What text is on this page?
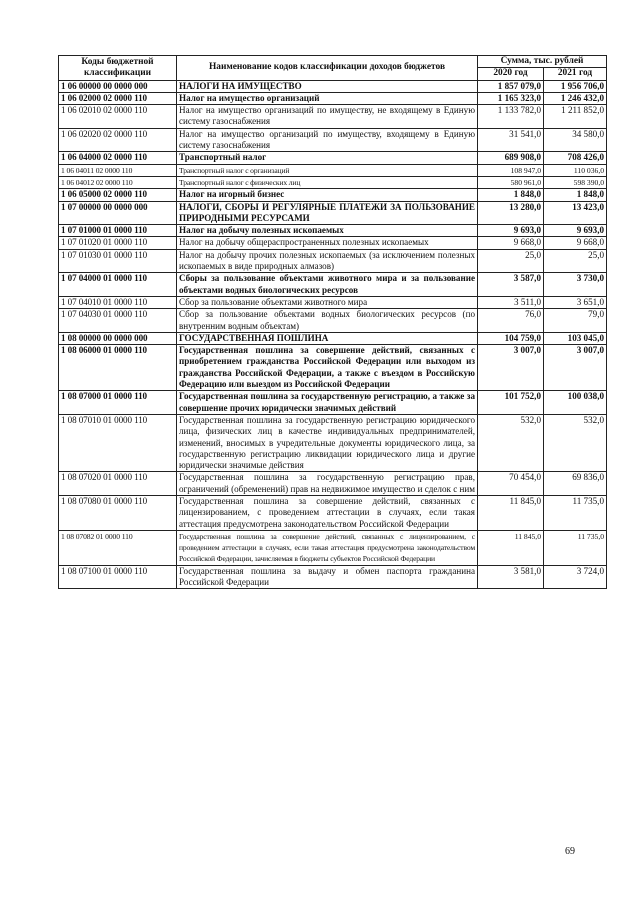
Коды бюджетной классификации	Наименование кодов классификации доходов бюджетов	Сумма, тыс. рублей	
		2020 год	2021 год
1 06 00000 00 0000 000	НАЛОГИ НА ИМУЩЕСТВО	1 857 079,0	1 956 706,0
1 06 02000 02 0000 110	Налог на имущество организаций	1 165 323,0	1 246 432,0
1 06 02010 02 0000 110	Налог на имущество организаций по имуществу, не входящему в Единую систему газоснабжения	1 133 782,0	1 211 852,0
1 06 02020 02 0000 110	Налог на имущество организаций по имуществу, входящему в Единую систему газоснабжения	31 541,0	34 580,0
1 06 04000 02 0000 110	Транспортный налог	689 908,0	708 426,0
1 06 04011 02 0000 110	Транспортный налог с организаций	108 947,0	110 036,0
1 06 04012 02 0000 110	Транспортный налог с физических лиц	580 961,0	598 390,0
1 06 05000 02 0000 110	Налог на игорный бизнес	1 848,0	1 848,0
1 07 00000 00 0000 000	НАЛОГИ, СБОРЫ И РЕГУЛЯРНЫЕ ПЛАТЕЖИ ЗА ПОЛЬЗОВАНИЕ ПРИРОДНЫМИ РЕСУРСАМИ	13 280,0	13 423,0
1 07 01000 01 0000 110	Налог на добычу полезных ископаемых	9 693,0	9 693,0
1 07 01020 01 0000 110	Налог на добычу общераспространенных полезных ископаемых	9 668,0	9 668,0
1 07 01030 01 0000 110	Налог на добычу прочих полезных ископаемых (за исключением полезных ископаемых в виде природных алмазов)	25,0	25,0
1 07 04000 01 0000 110	Сборы за пользование объектами животного мира и за пользование объектами водных биологических ресурсов	3 587,0	3 730,0
1 07 04010 01 0000 110	Сбор за пользование объектами животного мира	3 511,0	3 651,0
1 07 04030 01 0000 110	Сбор за пользование объектами водных биологических ресурсов (по внутренним водным объектам)	76,0	79,0
1 08 00000 00 0000 000	ГОСУДАРСТВЕННАЯ ПОШЛИНА	104 759,0	103 045,0
1 08 06000 01 0000 110	Государственная пошлина за совершение действий, связанных с приобретением гражданства Российской Федерации или выходом из гражданства Российской Федерации, а также с въездом в Российскую Федерацию или выездом из Российской Федерации	3 007,0	3 007,0
1 08 07000 01 0000 110	Государственная пошлина за государственную регистрацию, а также за совершение прочих юридически значимых действий	101 752,0	100 038,0
1 08 07010 01 0000 110	Государственная пошлина за государственную регистрацию юридического лица, физических лиц в качестве индивидуальных предпринимателей, изменений, вносимых в учредительные документы юридического лица, за государственную регистрацию ликвидации юридического лица и другие юридически значимые действия	532,0	532,0
1 08 07020 01 0000 110	Государственная пошлина за государственную регистрацию прав, ограничений (обременений) прав на недвижимое имущество и сделок с ним	70 454,0	69 836,0
1 08 07080 01 0000 110	Государственная пошлина за совершение действий, связанных с лицензированием, с проведением аттестации в случаях, если такая аттестация предусмотрена законодательством Российской Федерации	11 845,0	11 735,0
1 08 07082 01 0000 110	Государственная пошлина за совершение действий, связанных с лицензированием, с проведением аттестации в случаях, если такая аттестация предусмотрена законодательством Российской Федерации, зачисляемая в бюджеты субъектов Российской Федерации	11 845,0	11 735,0
1 08 07100 01 0000 110	Государственная пошлина за выдачу и обмен паспорта гражданина Российской Федерации	3 581,0	3 724,0
69
